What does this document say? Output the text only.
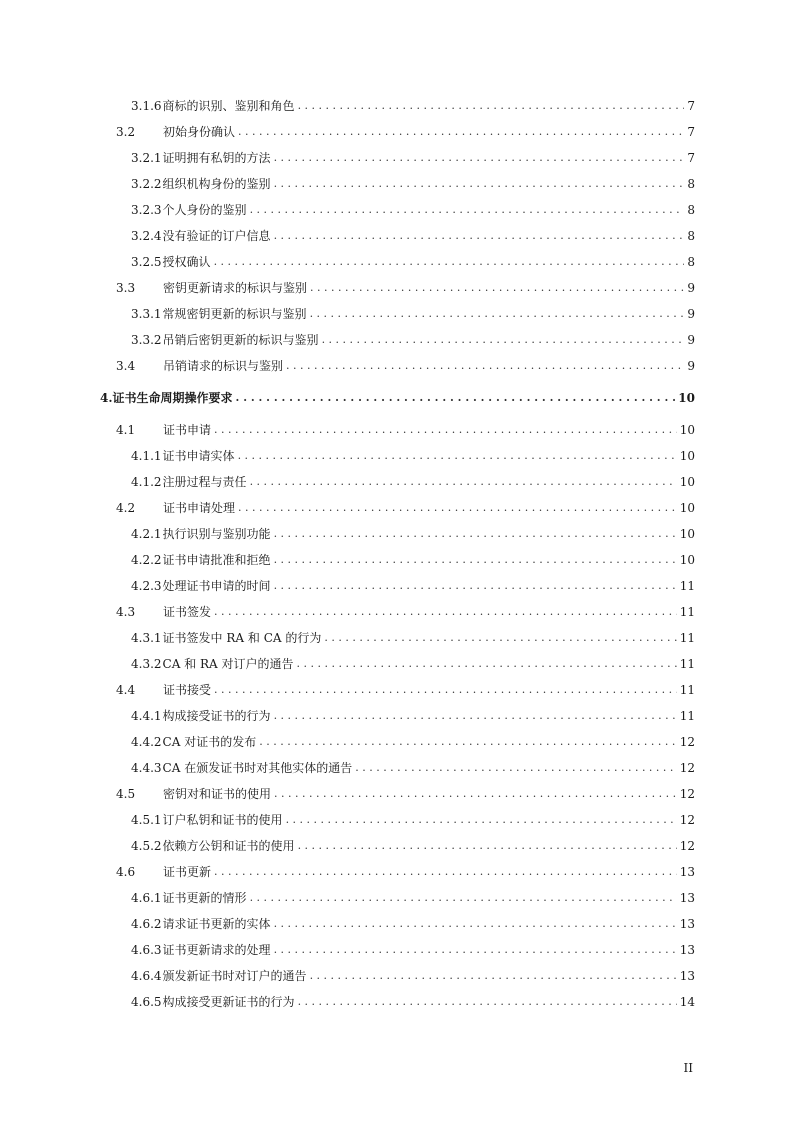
3.1.6 商标的识别、鉴别和角色 . . .	7
3.2	初始身份确认 . . .	7
3.2.1 证明拥有私钥的方法 . . .	7
3.2.2 组织机构身份的鉴别 . . .	8
3.2.3 个人身份的鉴别 . . .	8
3.2.4 没有验证的订户信息 . . .	8
3.2.5 授权确认 . . .	8
3.3	密钥更新请求的标识与鉴别 . . .	9
3.3.1 常规密钥更新的标识与鉴别 . . .	9
3.3.2 吊销后密钥更新的标识与鉴别 . . .	9
3.4	吊销请求的标识与鉴别 . . .	9
4. 证书生命周期操作要求 . . .	10
4.1	证书申请 . . .	10
4.1.1 证书申请实体 . . .	10
4.1.2 注册过程与责任 . . .	10
4.2	证书申请处理 . . .	10
4.2.1 执行识别与鉴别功能 . . .	10
4.2.2 证书申请批准和拒绝 . . .	10
4.2.3 处理证书申请的时间 . . .	11
4.3	证书签发 . . .	11
4.3.1 证书签发中 RA 和 CA 的行为 . . .	11
4.3.2 CA 和 RA 对订户的通告 . . .	11
4.4	证书接受 . . .	11
4.4.1 构成接受证书的行为 . . .	11
4.4.2 CA 对证书的发布 . . .	12
4.4.3 CA 在颁发证书时对其他实体的通告 . . .	12
4.5	密钥对和证书的使用 . . .	12
4.5.1 订户私钥和证书的使用 . . .	12
4.5.2 依赖方公钥和证书的使用 . . .	12
4.6	证书更新 . . .	13
4.6.1 证书更新的情形 . . .	13
4.6.2 请求证书更新的实体 . . .	13
4.6.3 证书更新请求的处理 . . .	13
4.6.4 颁发新证书时对订户的通告 . . .	13
4.6.5 构成接受更新证书的行为 . . .	14
II
